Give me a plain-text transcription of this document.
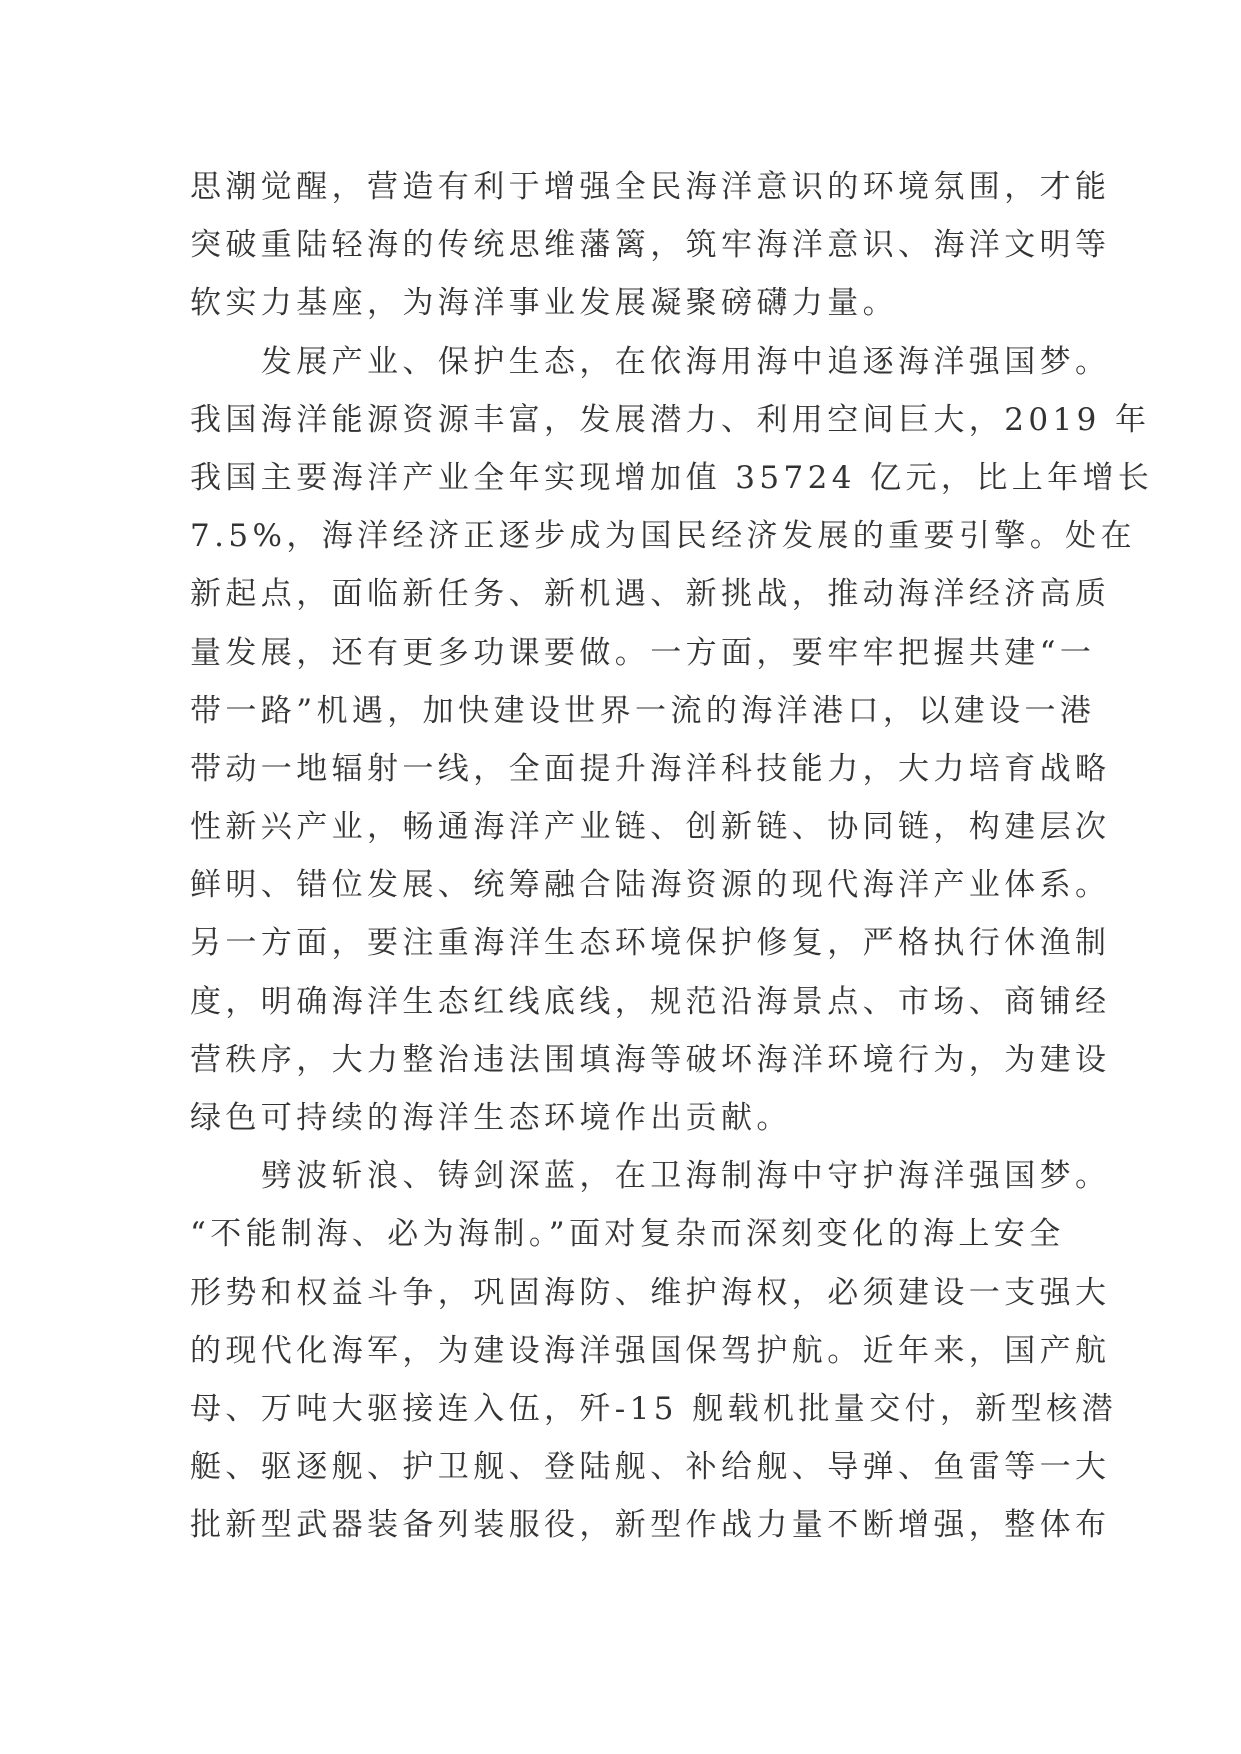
思潮觉醒，营造有利于增强全民海洋意识的环境氛围，才能
突破重陆轻海的传统思维藩篱，筑牢海洋意识、海洋文明等
软实力基座，为海洋事业发展凝聚磅礴力量。
　　发展产业、保护生态，在依海用海中追逐海洋强国梦。
我国海洋能源资源丰富，发展潜力、利用空间巨大，2019 年
我国主要海洋产业全年实现增加值 35724 亿元，比上年增长
7.5%，海洋经济正逐步成为国民经济发展的重要引擎。处在
新起点，面临新任务、新机遇、新挑战，推动海洋经济高质
量发展，还有更多功课要做。一方面，要牢牢把握共建“一
带一路”机遇，加快建设世界一流的海洋港口，以建设一港
带动一地辐射一线，全面提升海洋科技能力，大力培育战略
性新兴产业，畅通海洋产业链、创新链、协同链，构建层次
鲜明、错位发展、统筹融合陆海资源的现代海洋产业体系。
另一方面，要注重海洋生态环境保护修复，严格执行休渔制
度，明确海洋生态红线底线，规范沿海景点、市场、商铺经
营秩序，大力整治违法围填海等破坏海洋环境行为，为建设
绿色可持续的海洋生态环境作出贡献。
　　劈波斩浪、铸剑深蓝，在卫海制海中守护海洋强国梦。
“不能制海、必为海制。”面对复杂而深刻变化的海上安全
形势和权益斗争，巩固海防、维护海权，必须建设一支强大
的现代化海军，为建设海洋强国保驾护航。近年来，国产航
母、万吨大驱接连入伍，歼-15 舰载机批量交付，新型核潜
艇、驱逐舰、护卫舰、登陆舰、补给舰、导弹、鱼雷等一大
批新型武器装备列装服役，新型作战力量不断增强，整体布
